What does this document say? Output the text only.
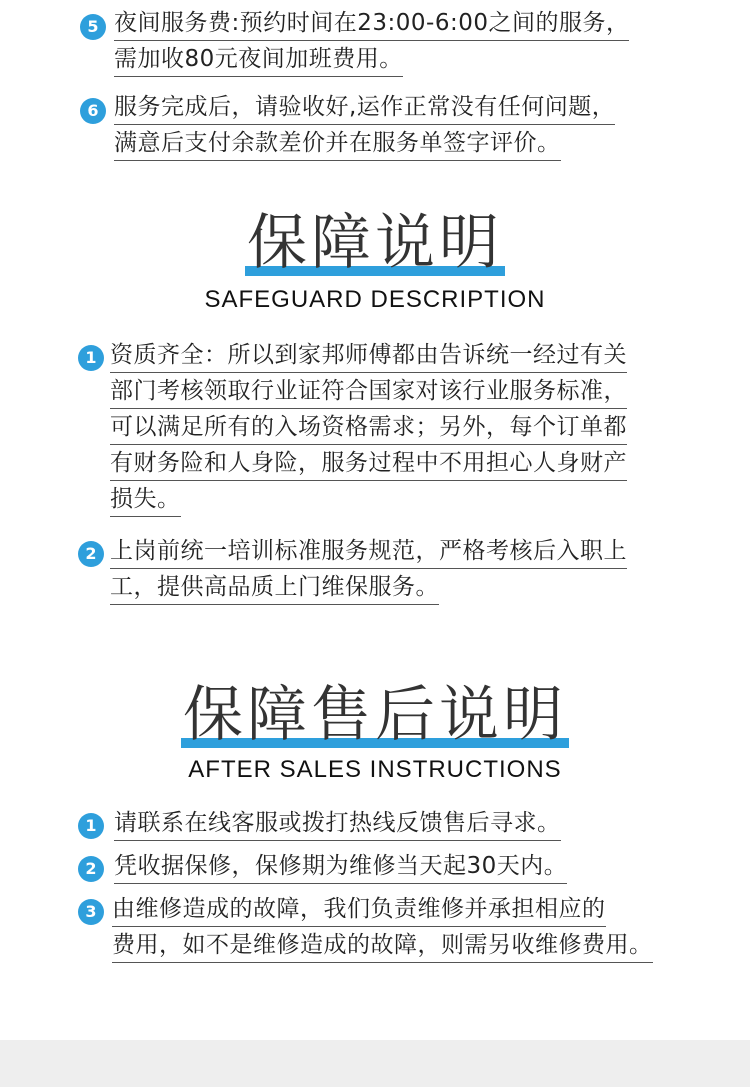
5 夜间服务费:预约时间在23:00-6:00之间的服务，
需加收80元夜间加班费用。
6 服务完成后，请验收好,运作正常没有任何问题，
满意后支付余款差价并在服务单签字评价。
保障说明
SAFEGUARD DESCRIPTION
1 资质齐全：所以到家邦师傅都由告诉统一经过有关
部门考核领取行业证符合国家对该行业服务标准，
可以满足所有的入场资格需求；另外，每个订单都
有财务险和人身险，服务过程中不用担心人身财产
损失。
2 上岗前统一培训标准服务规范，严格考核后入职上
工，提供高品质上门维保服务。
保障售后说明
AFTER SALES INSTRUCTIONS
1 请联系在线客服或拨打热线反馈售后寻求。
2 凭收据保修，保修期为维修当天起30天内。
3 由维修造成的故障，我们负责维修并承担相应的
费用，如不是维修造成的故障，则需另收维修费用。
